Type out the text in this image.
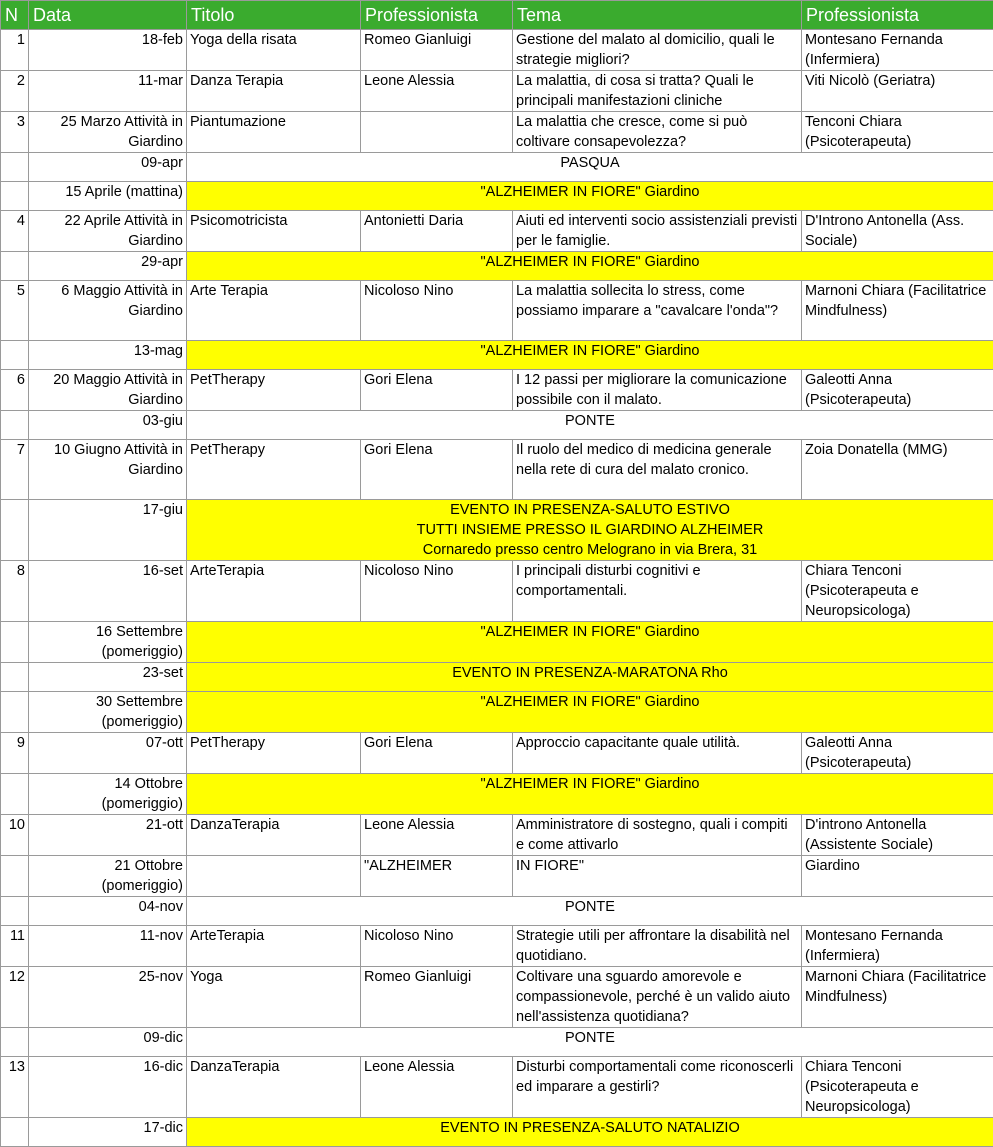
N	Data	Titolo	Professionista	Tema	Professionista
1	18-feb	Yoga della risata	Romeo Gianluigi	Gestione del malato al domicilio, quali le strategie migliori?	Montesano Fernanda (Infermiera)
2	11-mar	Danza Terapia	Leone Alessia	La malattia, di cosa si tratta? Quali le principali manifestazioni cliniche	Viti Nicolò (Geriatra)
3	25 Marzo Attività in Giardino	Piantumazione		La malattia che cresce, come si può coltivare consapevolezza?	Tenconi Chiara (Psicoterapeuta)
	09-apr	PASQUA			
	15 Aprile (mattina)	"ALZHEIMER IN FIORE" Giardino			
4	22 Aprile Attività in Giardino	Psicomotricista	Antonietti Daria	Aiuti ed interventi socio assistenziali previsti per le famiglie.	D'Introno Antonella (Ass. Sociale)
	29-apr	"ALZHEIMER IN FIORE" Giardino			
5	6 Maggio Attività in Giardino	Arte Terapia	Nicoloso Nino	La malattia sollecita lo stress, come possiamo imparare a "cavalcare l'onda"?	Marnoni Chiara (Facilitatrice Mindfulness)
	13-mag	"ALZHEIMER IN FIORE" Giardino			
6	20 Maggio Attività in Giardino	PetTherapy	Gori Elena	I 12 passi per migliorare la comunicazione possibile con il malato.	Galeotti Anna (Psicoterapeuta)
	03-giu	PONTE			
7	10 Giugno Attività in Giardino	PetTherapy	Gori Elena	Il ruolo del medico di medicina generale nella rete di cura del malato cronico.	Zoia Donatella (MMG)
	17-giu	EVENTO IN PRESENZA-SALUTO ESTIVO
TUTTI INSIEME PRESSO IL GIARDINO ALZHEIMER
Cornaredo presso centro Melograno in via Brera, 31			

8	16-set	ArteTerapia	Nicoloso Nino	I principali disturbi cognitivi e comportamentali.	Chiara Tenconi (Psicoterapeuta e Neuropsicologa)
	16 Settembre (pomeriggio)	"ALZHEIMER IN FIORE" Giardino			
	23-set	EVENTO IN PRESENZA-MARATONA Rho			
	30 Settembre (pomeriggio)	"ALZHEIMER IN FIORE" Giardino			
9	07-ott	PetTherapy	Gori Elena	Approccio capacitante quale utilità.	Galeotti Anna (Psicoterapeuta)
	14 Ottobre (pomeriggio)	"ALZHEIMER IN FIORE" Giardino			
10	21-ott	DanzaTerapia	Leone Alessia	Amministratore di sostegno, quali i compiti e come attivarlo	D'introno Antonella (Assistente Sociale)
	21 Ottobre (pomeriggio)		"ALZHEIMER	IN FIORE"	Giardino
	04-nov	PONTE			
11	11-nov	ArteTerapia	Nicoloso Nino	Strategie utili per affrontare la disabilità nel quotidiano.	Montesano Fernanda (Infermiera)
12	25-nov	Yoga	Romeo Gianluigi	Coltivare una sguardo amorevole e compassionevole, perché è un valido aiuto nell'assistenza quotidiana?	Marnoni Chiara (Facilitatrice Mindfulness)
	09-dic	PONTE			
13	16-dic	DanzaTerapia	Leone Alessia	Disturbi comportamentali come riconoscerli ed imparare a gestirli?	Chiara Tenconi (Psicoterapeuta e Neuropsicologa)
	17-dic	EVENTO IN PRESENZA-SALUTO NATALIZIO			
